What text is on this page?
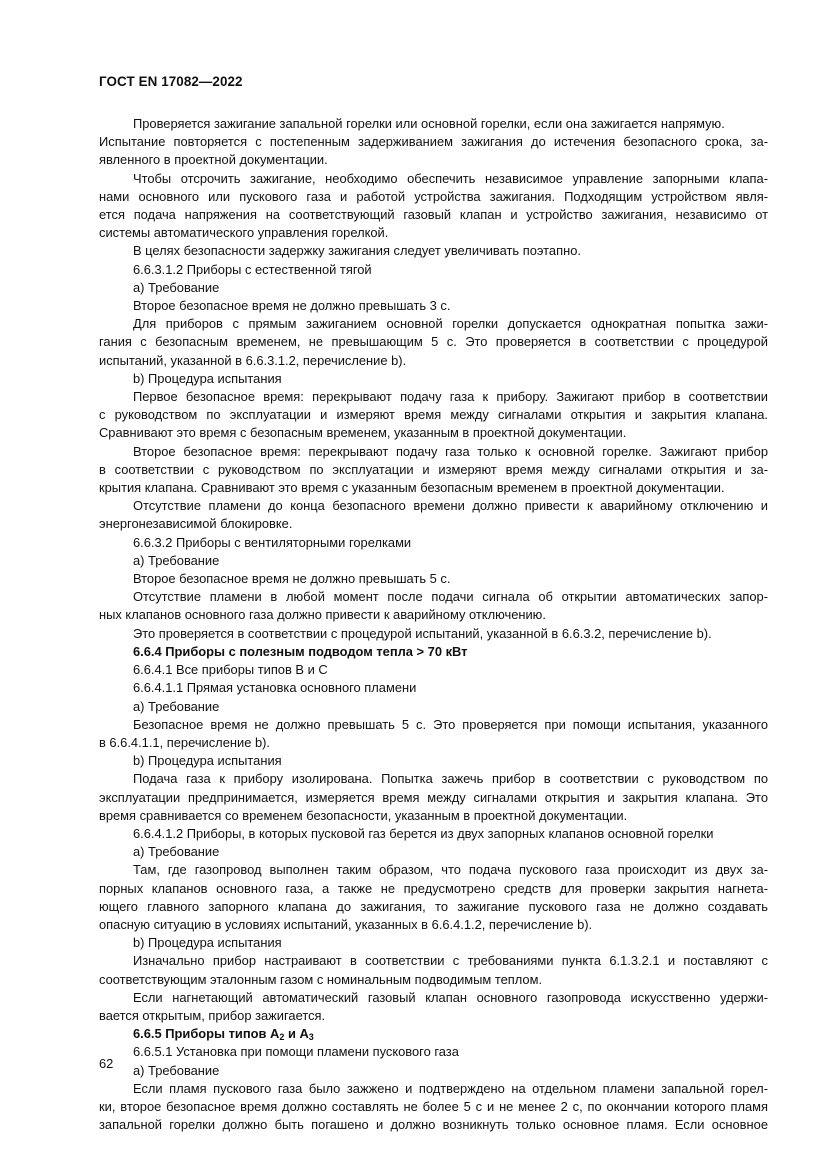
ГОСТ EN 17082—2022

Проверяется зажигание запальной горелки или основной горелки, если она зажигается напрямую.

Испытание повторяется с постепенным задерживанием зажигания до истечения безопасного срока, за-

явленного в проектной документации.

Чтобы отсрочить зажигание, необходимо обеспечить независимое управление запорными клапа-

нами основного или пускового газа и работой устройства зажигания. Подходящим устройством явля-

ется подача напряжения на соответствующий газовый клапан и устройство зажигания, независимо от

системы автоматического управления горелкой.

В целях безопасности задержку зажигания следует увеличивать поэтапно.

6.6.3.1.2 Приборы с естественной тягой

a) Требование

Второе безопасное время не должно превышать 3 с.

Для приборов с прямым зажиганием основной горелки допускается однократная попытка зажи-

гания с безопасным временем, не превышающим 5 с. Это проверяется в соответствии с процедурой

испытаний, указанной в 6.6.3.1.2, перечисление b).

b) Процедура испытания

Первое безопасное время: перекрывают подачу газа к прибору. Зажигают прибор в соответствии

с руководством по эксплуатации и измеряют время между сигналами открытия и закрытия клапана.

Сравнивают это время с безопасным временем, указанным в проектной документации.

Второе безопасное время: перекрывают подачу газа только к основной горелке. Зажигают прибор

в соответствии с руководством по эксплуатации и измеряют время между сигналами открытия и за-

крытия клапана. Сравнивают это время с указанным безопасным временем в проектной документации.

Отсутствие пламени до конца безопасного времени должно привести к аварийному отключению и

энергонезависимой блокировке.

6.6.3.2 Приборы с вентиляторными горелками

a) Требование

Второе безопасное время не должно превышать 5 с.

Отсутствие пламени в любой момент после подачи сигнала об открытии автоматических запор-

ных клапанов основного газа должно привести к аварийному отключению.

Это проверяется в соответствии с процедурой испытаний, указанной в 6.6.3.2, перечисление b).

6.6.4 Приборы с полезным подводом тепла > 70 кВт

6.6.4.1 Все приборы типов B и C

6.6.4.1.1 Прямая установка основного пламени

a) Требование

Безопасное время не должно превышать 5 с. Это проверяется при помощи испытания, указанного

в 6.6.4.1.1, перечисление b).

b) Процедура испытания

Подача газа к прибору изолирована. Попытка зажечь прибор в соответствии с руководством по

эксплуатации предпринимается, измеряется время между сигналами открытия и закрытия клапана. Это

время сравнивается со временем безопасности, указанным в проектной документации.

6.6.4.1.2 Приборы, в которых пусковой газ берется из двух запорных клапанов основной горелки

a) Требование

Там, где газопровод выполнен таким образом, что подача пускового газа происходит из двух за-

порных клапанов основного газа, а также не предусмотрено средств для проверки закрытия нагнета-

ющего главного запорного клапана до зажигания, то зажигание пускового газа не должно создавать

опасную ситуацию в условиях испытаний, указанных в 6.6.4.1.2, перечисление b).

b) Процедура испытания

Изначально прибор настраивают в соответствии с требованиями пункта 6.1.3.2.1 и поставляют с

соответствующим эталонным газом с номинальным подводимым теплом.

Если нагнетающий автоматический газовый клапан основного газопровода искусственно удержи-

вается открытым, прибор зажигается.

6.6.5 Приборы типов $A_2$ и $A_3$

6.6.5.1 Установка при помощи пламени пускового газа

a) Требование

Если пламя пускового газа было зажжено и подтверждено на отдельном пламени запальной горел-

ки, второе безопасное время должно составлять не более 5 с и не менее 2 с, по окончании которого пламя

запальной горелки должно быть погашено и должно возникнуть только основное пламя. Если основное

62
